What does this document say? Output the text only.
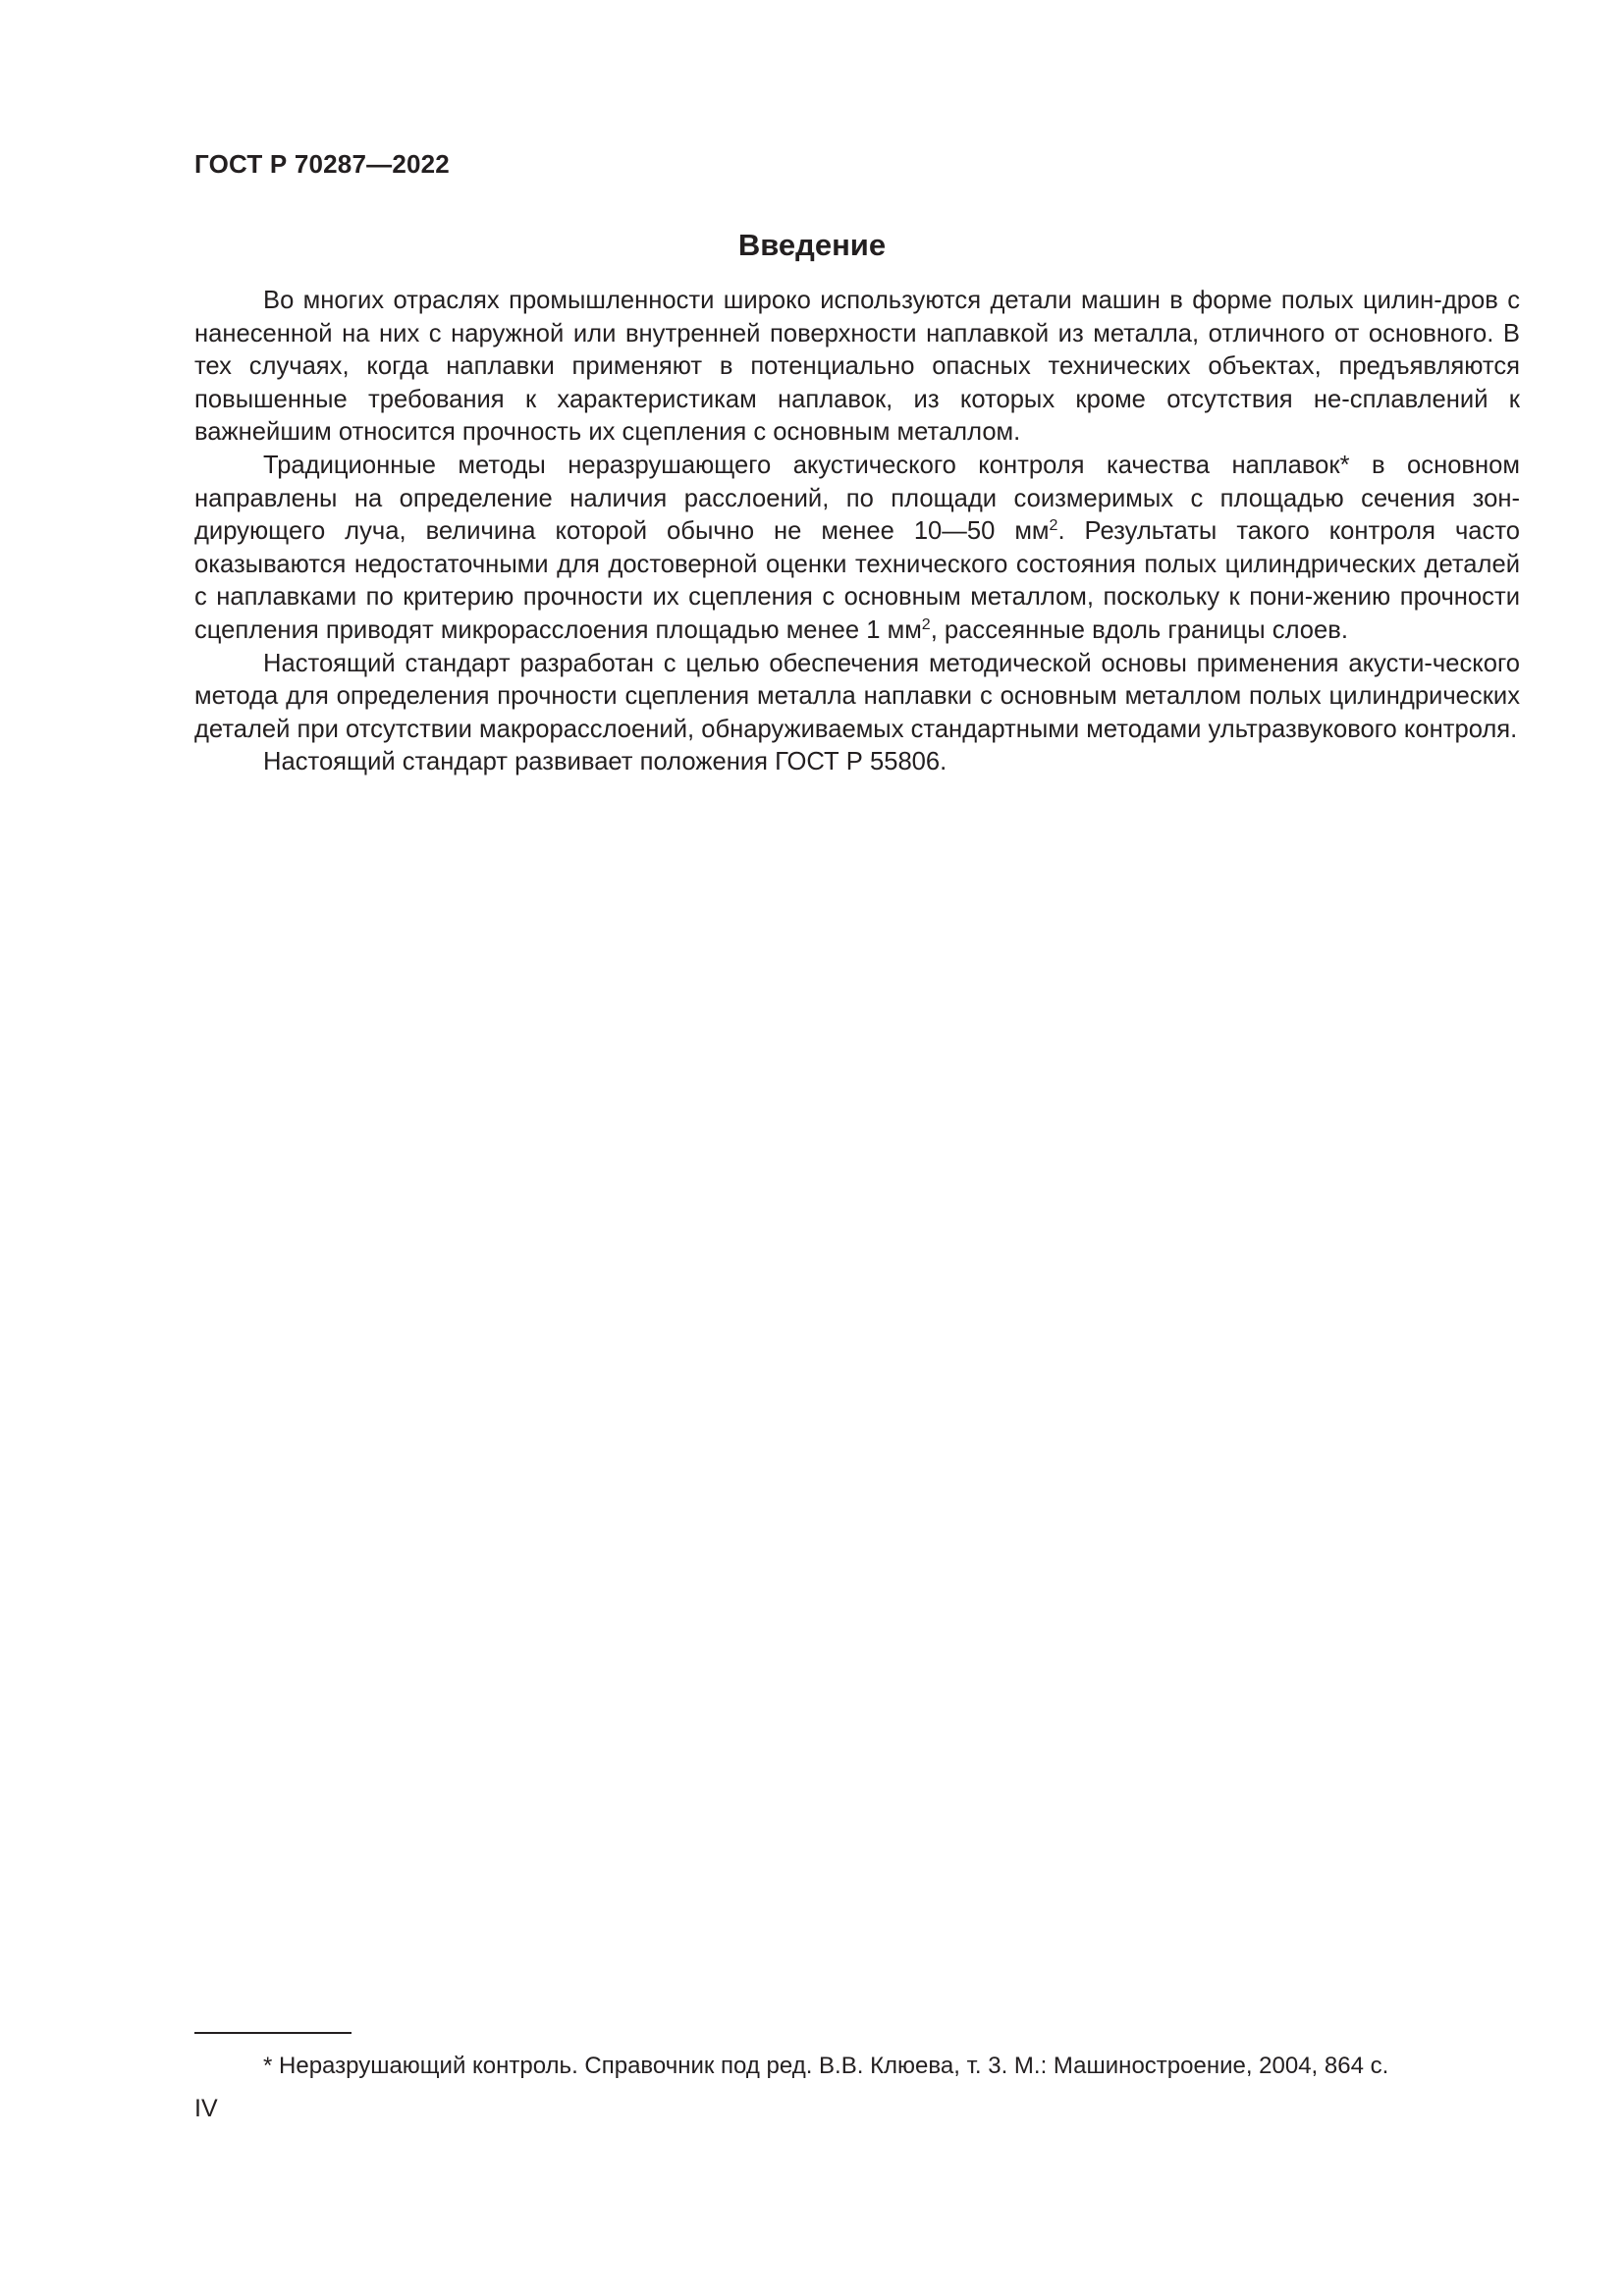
ГОСТ Р 70287—2022
Введение

Во многих отраслях промышленности широко используются детали машин в форме полых цилин-дров с нанесенной на них с наружной или внутренней поверхности наплавкой из металла, отличного от основного. В тех случаях, когда наплавки применяют в потенциально опасных технических объектах, предъявляются повышенные требования к характеристикам наплавок, из которых кроме отсутствия не-сплавлений к важнейшим относится прочность их сцепления с основным металлом.

Традиционные методы неразрушающего акустического контроля качества наплавок* в основном направлены на определение наличия расслоений, по площади соизмеримых с площадью сечения зон-дирующего луча, величина которой обычно не менее 10—50 $мм^2$. Результаты такого контроля часто оказываются недостаточными для достоверной оценки технического состояния полых цилиндрических деталей с наплавками по критерию прочности их сцепления с основным металлом, поскольку к пони-жению прочности сцепления приводят микрорасслоения площадью менее 1 $мм^2$, рассеянные вдоль границы слоев.

Настоящий стандарт разработан с целью обеспечения методической основы применения акусти-ческого метода для определения прочности сцепления металла наплавки с основным металлом полых цилиндрических деталей при отсутствии макрорасслоений, обнаруживаемых стандартными методами ультразвукового контроля.

Настоящий стандарт развивает положения ГОСТ Р 55806.

* Неразрушающий контроль. Справочник под ред. В.В. Клюева, т. 3. М.: Машиностроение, 2004, 864 с.
IV
